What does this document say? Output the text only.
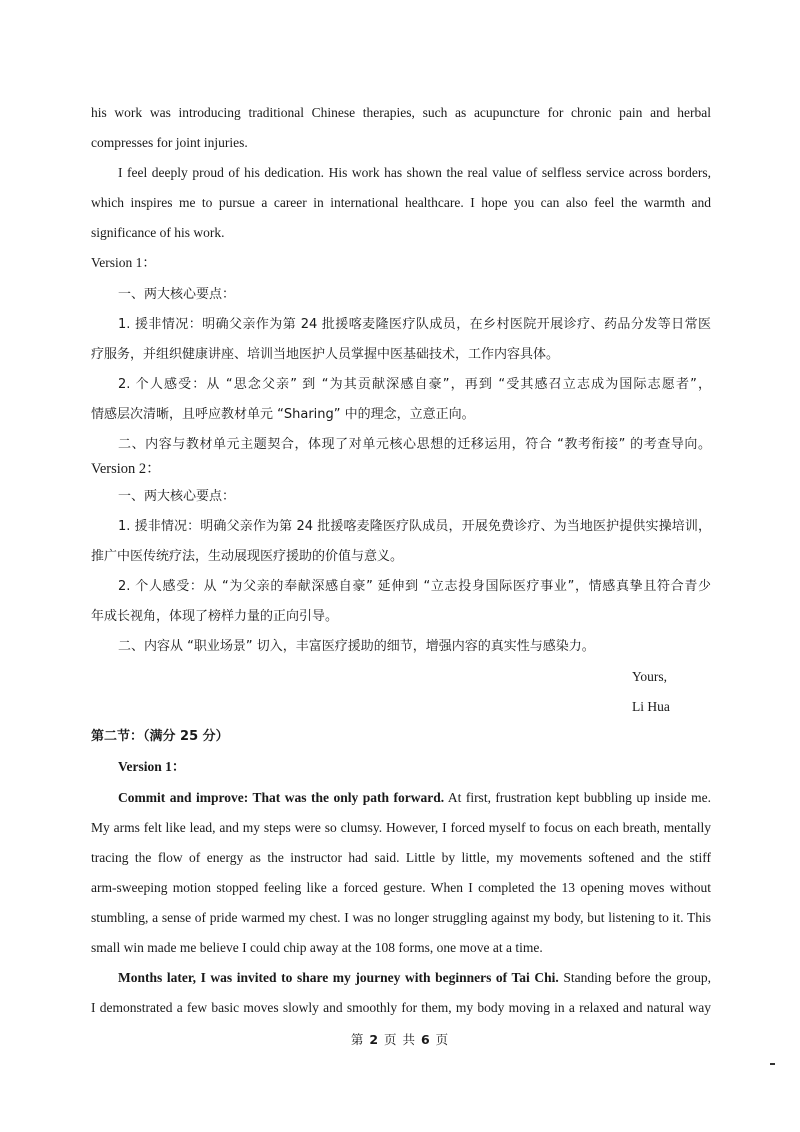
his work was introducing traditional Chinese therapies, such as acupuncture for chronic pain and herbal
compresses for joint injuries.
I feel deeply proud of his dedication. His work has shown the real value of selfless service across borders,
which inspires me to pursue a career in international healthcare. I hope you can also feel the warmth and
significance of his work.
Version 1：
一、两大核心要点：
1. 援非情况：明确父亲作为第 24 批援喀麦隆医疗队成员，在乡村医院开展诊疗、药品分发等日常医
疗服务，并组织健康讲座、培训当地医护人员掌握中医基础技术，工作内容具体。
2. 个人感受：从 “思念父亲” 到 “为其贡献深感自豪”，再到 “受其感召立志成为国际志愿者”，
情感层次清晰，且呼应教材单元 “Sharing” 中的理念，立意正向。
二、内容与教材单元主题契合，体现了对单元核心思想的迁移运用，符合 “教考衔接” 的考查导向。
Version 2：
一、两大核心要点：
1. 援非情况：明确父亲作为第 24 批援喀麦隆医疗队成员，开展免费诊疗、为当地医护提供实操培训，
推广中医传统疗法，生动展现医疗援助的价值与意义。
2. 个人感受：从 “为父亲的奉献深感自豪” 延伸到 “立志投身国际医疗事业”，情感真挚且符合青少
年成长视角，体现了榜样力量的正向引导。
二、内容从 “职业场景” 切入，丰富医疗援助的细节，增强内容的真实性与感染力。
Yours,
Li Hua
第二节：（满分 25 分）
Version 1：
Commit and improve: That was the only path forward. At first, frustration kept bubbling up inside me.
My arms felt like lead, and my steps were so clumsy. However, I forced myself to focus on each breath, mentally
tracing the flow of energy as the instructor had said. Little by little, my movements softened and the stiff
arm-sweeping motion stopped feeling like a forced gesture. When I completed the 13 opening moves without
stumbling, a sense of pride warmed my chest. I was no longer struggling against my body, but listening to it. This
small win made me believe I could chip away at the 108 forms, one move at a time.
Months later, I was invited to share my journey with beginners of Tai Chi. Standing before the group,
I demonstrated a few basic moves slowly and smoothly for them, my body moving in a relaxed and natural way
第 2 页 共 6 页
